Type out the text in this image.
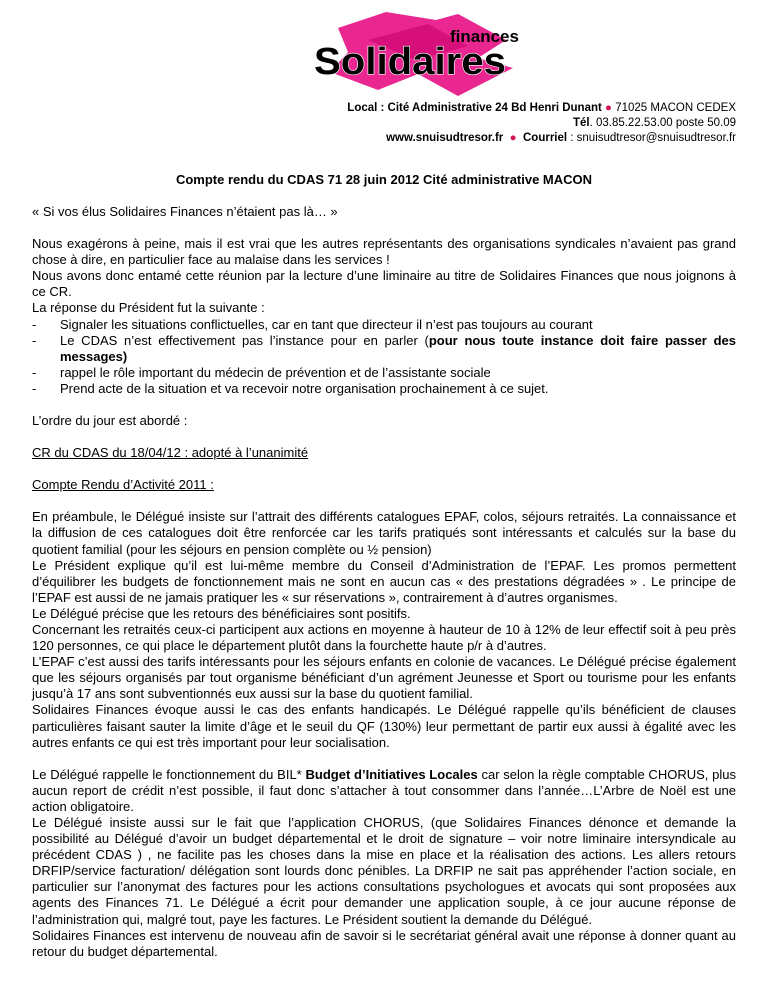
finances
Solidaires
Local : Cité Administrative 24 Bd Henri Dunant ● 71025 MACON CEDEX
Tél. 03.85.22.53.00 poste 50.09
www.snuisudtresor.fr ● Courriel : snuisudtresor@snuisudtresor.fr
Compte rendu du CDAS 71 28 juin 2012 Cité administrative MACON

« Si vos élus Solidaires Finances n’étaient pas là… »

Nous exagérons à peine, mais il est vrai que les autres représentants des organisations syndicales n’avaient pas grand chose à dire, en particulier face au malaise dans les services !

Nous avons donc entamé cette réunion par la lecture d’une liminaire au titre de Solidaires Finances que nous joignons à ce CR.

La réponse du Président fut la suivante :

-	Signaler les situations conflictuelles, car en tant que directeur il n’est pas toujours au courant
-	Le CDAS n’est effectivement pas l’instance pour en parler (pour nous toute instance doit faire passer des messages)
-	rappel le rôle important du médecin de prévention et de l’assistante sociale
-	Prend acte de la situation et va recevoir notre organisation prochainement à ce sujet.

L’ordre du jour est abordé :

CR du CDAS du 18/04/12 : adopté à l’unanimité

Compte Rendu d’Activité 2011 :

En préambule, le Délégué insiste sur l’attrait des différents catalogues EPAF, colos, séjours retraités. La connaissance et la diffusion de ces catalogues doit être renforcée car les tarifs pratiqués sont intéressants et calculés sur la base du quotient familial (pour les séjours en pension complète ou ½ pension)

Le Président explique qu’il est lui-même membre du Conseil d’Administration de l’EPAF. Les promos permettent d’équilibrer les budgets de fonctionnement mais ne sont en aucun cas « des prestations dégradées » . Le principe de l’EPAF est aussi de ne jamais pratiquer les « sur réservations », contrairement à d’autres organismes.

Le Délégué précise que les retours des bénéficiaires sont positifs.

Concernant les retraités ceux-ci participent aux actions en moyenne à hauteur de 10 à 12% de leur effectif soit à peu près 120 personnes, ce qui place le département plutôt dans la fourchette haute p/r à d’autres.

L’EPAF c’est aussi des tarifs intéressants pour les séjours enfants en colonie de vacances. Le Délégué précise également que les séjours organisés par tout organisme bénéficiant d’un agrément Jeunesse et Sport ou tourisme pour les enfants jusqu’à 17 ans sont subventionnés eux aussi sur la base du quotient familial.

Solidaires Finances évoque aussi le cas des enfants handicapés. Le Délégué rappelle qu’ils bénéficient de clauses particulières faisant sauter la limite d’âge et le seuil du QF (130%) leur permettant de partir eux aussi à égalité avec les autres enfants ce qui est très important pour leur socialisation.

Le Délégué rappelle le fonctionnement du BIL* Budget d’Initiatives Locales car selon la règle comptable CHORUS, plus aucun report de crédit n’est possible, il faut donc s’attacher à tout consommer dans l’année…L’Arbre de Noël est une action obligatoire.

Le Délégué insiste aussi sur le fait que l’application CHORUS, (que Solidaires Finances dénonce et demande la possibilité au Délégué d’avoir un budget départemental et le droit de signature – voir notre liminaire intersyndicale au précédent CDAS ) , ne facilite pas les choses dans la mise en place et la réalisation des actions. Les allers retours DRFIP/service facturation/ délégation sont lourds donc pénibles. La DRFIP ne sait pas appréhender l’action sociale, en particulier sur l’anonymat des factures pour les actions consultations psychologues et avocats qui sont proposées aux agents des Finances 71. Le Délégué a écrit pour demander une application souple, à ce jour aucune réponse de l’administration qui, malgré tout, paye les factures. Le Président soutient la demande du Délégué.

Solidaires Finances est intervenu de nouveau afin de savoir si le secrétariat général avait une réponse à donner quant au retour du budget départemental.
